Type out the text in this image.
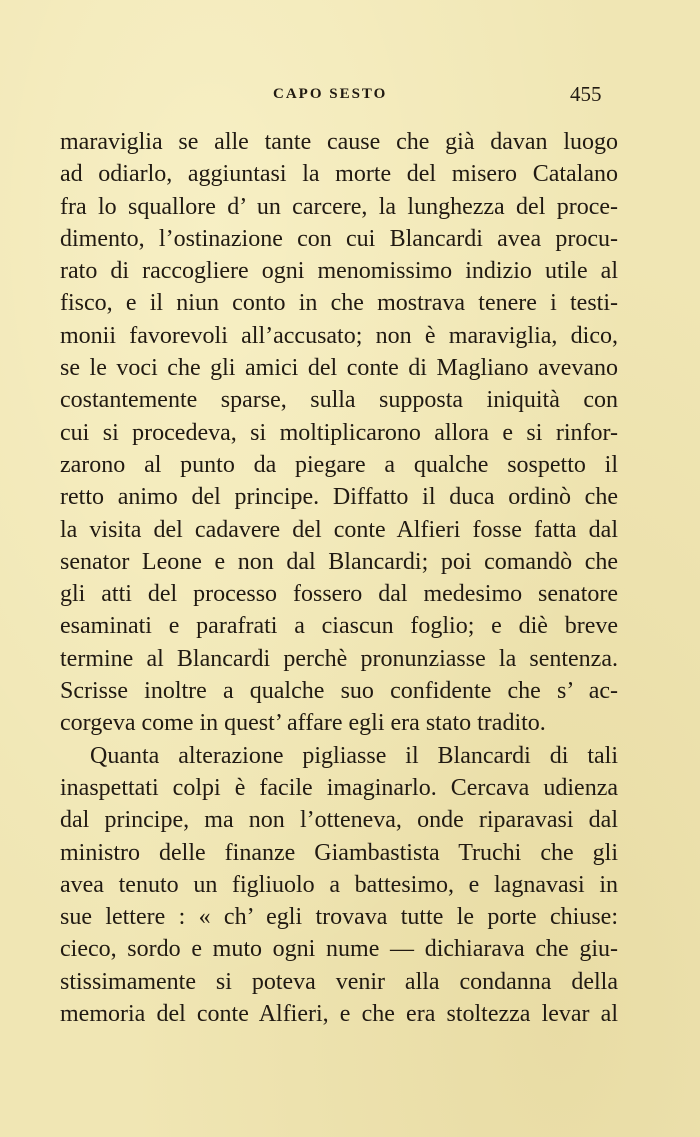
CAPO SESTO	455
maraviglia se alle tante cause che già davan luogo
ad odiarlo, aggiuntasi la morte del misero Catalano
fra lo squallore d’ un carcere, la lunghezza del proce-
dimento, l’ostinazione con cui Blancardi avea procu-
rato di raccogliere ogni menomissimo indizio utile al
fisco, e il niun conto in che mostrava tenere i testi-
monii favorevoli all’accusato; non è maraviglia, dico,
se le voci che gli amici del conte di Magliano avevano
costantemente sparse, sulla supposta iniquità con
cui si procedeva, si moltiplicarono allora e si rinfor-
zarono al punto da piegare a qualche sospetto il
retto animo del principe. Diffatto il duca ordinò che
la visita del cadavere del conte Alfieri fosse fatta dal
senator Leone e non dal Blancardi; poi comandò che
gli atti del processo fossero dal medesimo senatore
esaminati e parafrati a ciascun foglio; e diè breve
termine al Blancardi perchè pronunziasse la sentenza.
Scrisse inoltre a qualche suo confidente che s’ ac-
corgeva come in quest’ affare egli era stato tradito.
Quanta alterazione pigliasse il Blancardi di tali
inaspettati colpi è facile imaginarlo. Cercava udienza
dal principe, ma non l’otteneva, onde riparavasi dal
ministro delle finanze Giambastista Truchi che gli
avea tenuto un figliuolo a battesimo, e lagnavasi in
sue lettere : « ch’ egli trovava tutte le porte chiuse:
cieco, sordo e muto ogni nume — dichiarava che giu-
stissimamente si poteva venir alla condanna della
memoria del conte Alfieri, e che era stoltezza levar al
